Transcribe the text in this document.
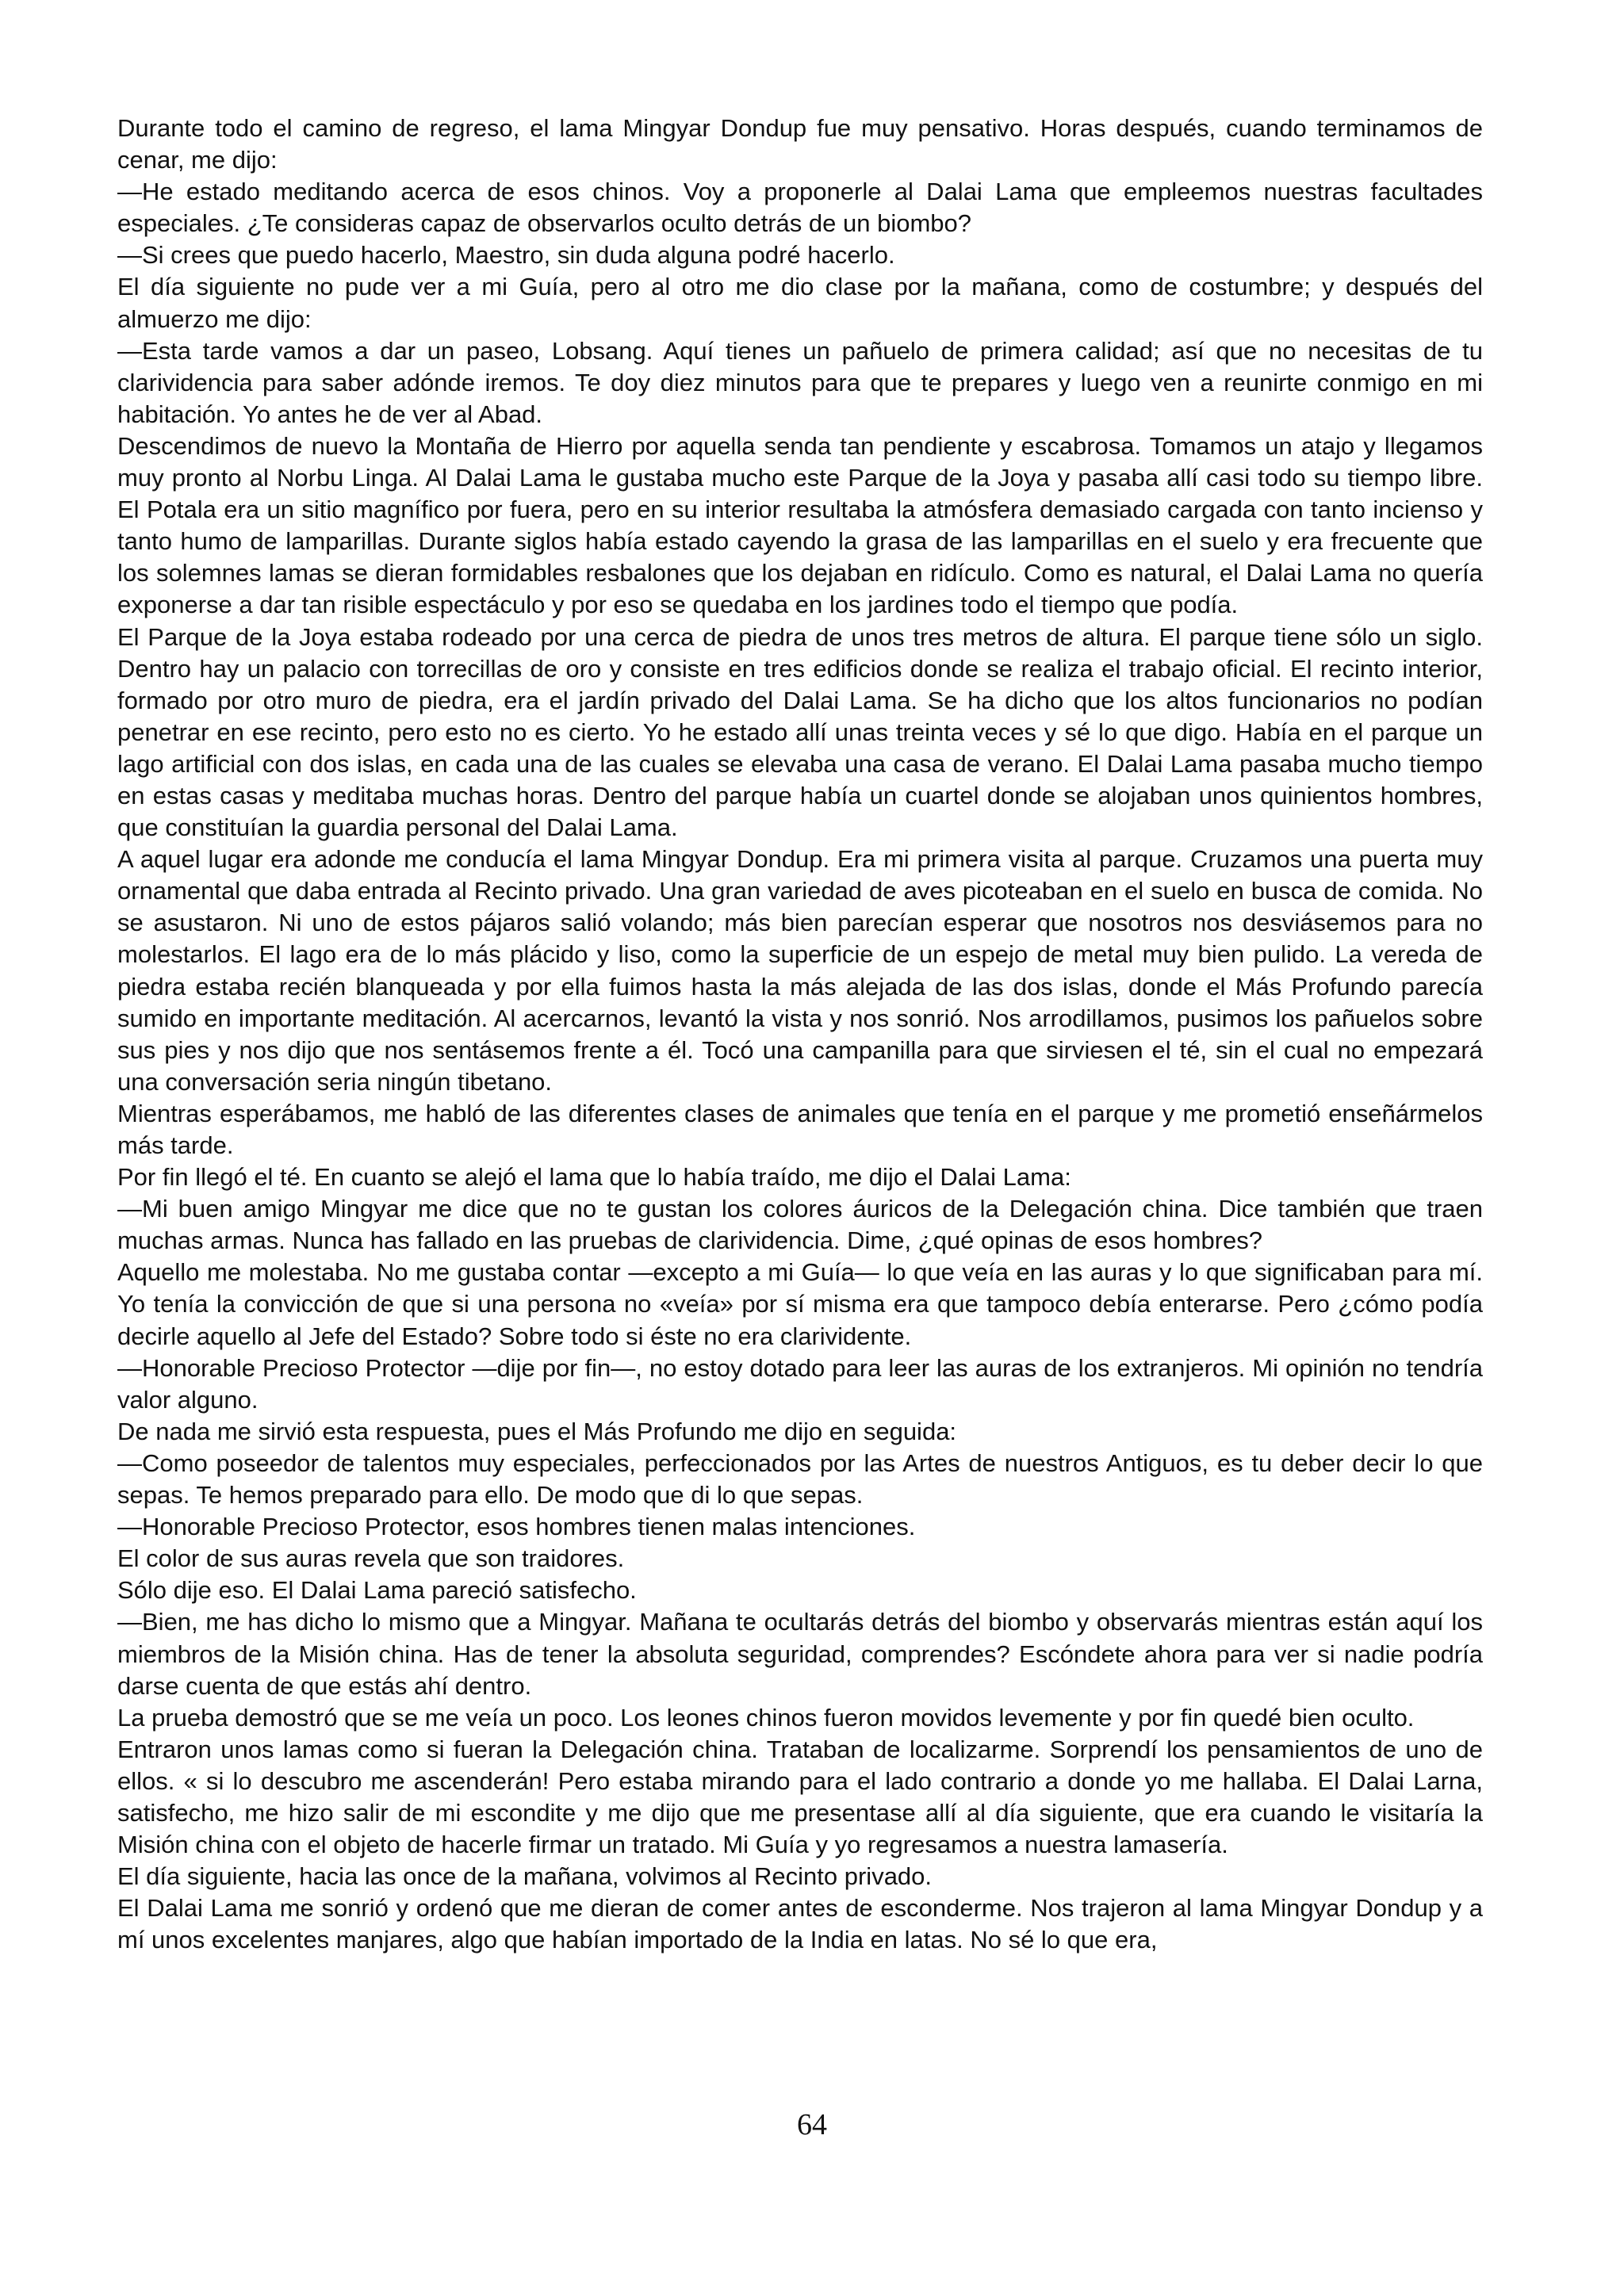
Durante todo el camino de regreso, el lama Mingyar Dondup fue muy pensativo. Horas después, cuando terminamos de cenar, me dijo:

—He estado meditando acerca de esos chinos. Voy a proponerle al Dalai Lama que empleemos nuestras facultades especiales. ¿Te consideras capaz de observarlos oculto detrás de un biombo?

—Si crees que puedo hacerlo, Maestro, sin duda alguna podré hacerlo.

El día siguiente no pude ver a mi Guía, pero al otro me dio clase por la mañana, como de costumbre; y después del almuerzo me dijo:

—Esta tarde vamos a dar un paseo, Lobsang. Aquí tienes un pañuelo de primera calidad; así que no necesitas de tu clarividencia para saber adónde iremos. Te doy diez minutos para que te prepares y luego ven a reunirte conmigo en mi habitación. Yo antes he de ver al Abad.

Descendimos de nuevo la Montaña de Hierro por aquella senda tan pendiente y escabrosa. Tomamos un atajo y llegamos muy pronto al Norbu Linga. Al Dalai Lama le gustaba mucho este Parque de la Joya y pasaba allí casi todo su tiempo libre. El Potala era un sitio magnífico por fuera, pero en su interior resultaba la atmósfera demasiado cargada con tanto incienso y tanto humo de lamparillas. Durante siglos había estado cayendo la grasa de las lamparillas en el suelo y era frecuente que los solemnes lamas se dieran formidables resbalones que los dejaban en ridículo. Como es natural, el Dalai Lama no quería exponerse a dar tan risible espectáculo y por eso se quedaba en los jardines todo el tiempo que podía.

El Parque de la Joya estaba rodeado por una cerca de piedra de unos tres metros de altura. El parque tiene sólo un siglo. Dentro hay un palacio con torrecillas de oro y consiste en tres edificios donde se realiza el trabajo oficial. El recinto interior, formado por otro muro de piedra, era el jardín privado del Dalai Lama. Se ha dicho que los altos funcionarios no podían penetrar en ese recinto, pero esto no es cierto. Yo he estado allí unas treinta veces y sé lo que digo. Había en el parque un lago artificial con dos islas, en cada una de las cuales se elevaba una casa de verano. El Dalai Lama pasaba mucho tiempo en estas casas y meditaba muchas horas. Dentro del parque había un cuartel donde se alojaban unos quinientos hombres, que constituían la guardia personal del Dalai Lama.

A aquel lugar era adonde me conducía el lama Mingyar Dondup. Era mi primera visita al parque. Cruzamos una puerta muy ornamental que daba entrada al Recinto privado. Una gran variedad de aves picoteaban en el suelo en busca de comida. No se asustaron. Ni uno de estos pájaros salió volando; más bien parecían esperar que nosotros nos desviásemos para no molestarlos. El lago era de lo más plácido y liso, como la superficie de un espejo de metal muy bien pulido. La vereda de piedra estaba recién blanqueada y por ella fuimos hasta la más alejada de las dos islas, donde el Más Profundo parecía sumido en importante meditación. Al acercarnos, levantó la vista y nos sonrió. Nos arrodillamos, pusimos los pañuelos sobre sus pies y nos dijo que nos sentásemos frente a él. Tocó una campanilla para que sirviesen el té, sin el cual no empezará una conversación seria ningún tibetano.

Mientras esperábamos, me habló de las diferentes clases de animales que tenía en el parque y me prometió enseñármelos más tarde.

Por fin llegó el té. En cuanto se alejó el lama que lo había traído, me dijo el Dalai Lama:

—Mi buen amigo Mingyar me dice que no te gustan los colores áuricos de la Delegación china. Dice también que traen muchas armas. Nunca has fallado en las pruebas de clarividencia. Dime, ¿qué opinas de esos hombres?

Aquello me molestaba. No me gustaba contar —excepto a mi Guía— lo que veía en las auras y lo que significaban para mí. Yo tenía la convicción de que si una persona no «veía» por sí misma era que tampoco debía enterarse. Pero ¿cómo podía decirle aquello al Jefe del Estado? Sobre todo si éste no era clarividente.

—Honorable Precioso Protector —dije por fin—, no estoy dotado para leer las auras de los extranjeros. Mi opinión no tendría valor alguno.

De nada me sirvió esta respuesta, pues el Más Profundo me dijo en seguida:

—Como poseedor de talentos muy especiales, perfeccionados por las Artes de nuestros Antiguos, es tu deber decir lo que sepas. Te hemos preparado para ello. De modo que di lo que sepas.

—Honorable Precioso Protector, esos hombres tienen malas intenciones.

El color de sus auras revela que son traidores.

Sólo dije eso. El Dalai Lama pareció satisfecho.

—Bien, me has dicho lo mismo que a Mingyar. Mañana te ocultarás detrás del biombo y observarás mientras están aquí los miembros de la Misión china. Has de tener la absoluta seguridad, comprendes? Escóndete ahora para ver si nadie podría darse cuenta de que estás ahí dentro.

La prueba demostró que se me veía un poco. Los leones chinos fueron movidos levemente y por fin quedé bien oculto.

Entraron unos lamas como si fueran la Delegación china. Trataban de localizarme. Sorprendí los pensamientos de uno de ellos. « si lo descubro me ascenderán! Pero estaba mirando para el lado contrario a donde yo me hallaba. El Dalai Larna, satisfecho, me hizo salir de mi escondite y me dijo que me presentase allí al día siguiente, que era cuando le visitaría la Misión china con el objeto de hacerle firmar un tratado. Mi Guía y yo regresamos a nuestra lamasería.

El día siguiente, hacia las once de la mañana, volvimos al Recinto privado.

El Dalai Lama me sonrió y ordenó que me dieran de comer antes de esconderme. Nos trajeron al lama Mingyar Dondup y a mí unos excelentes manjares, algo que habían importado de la India en latas. No sé lo que era,

64
